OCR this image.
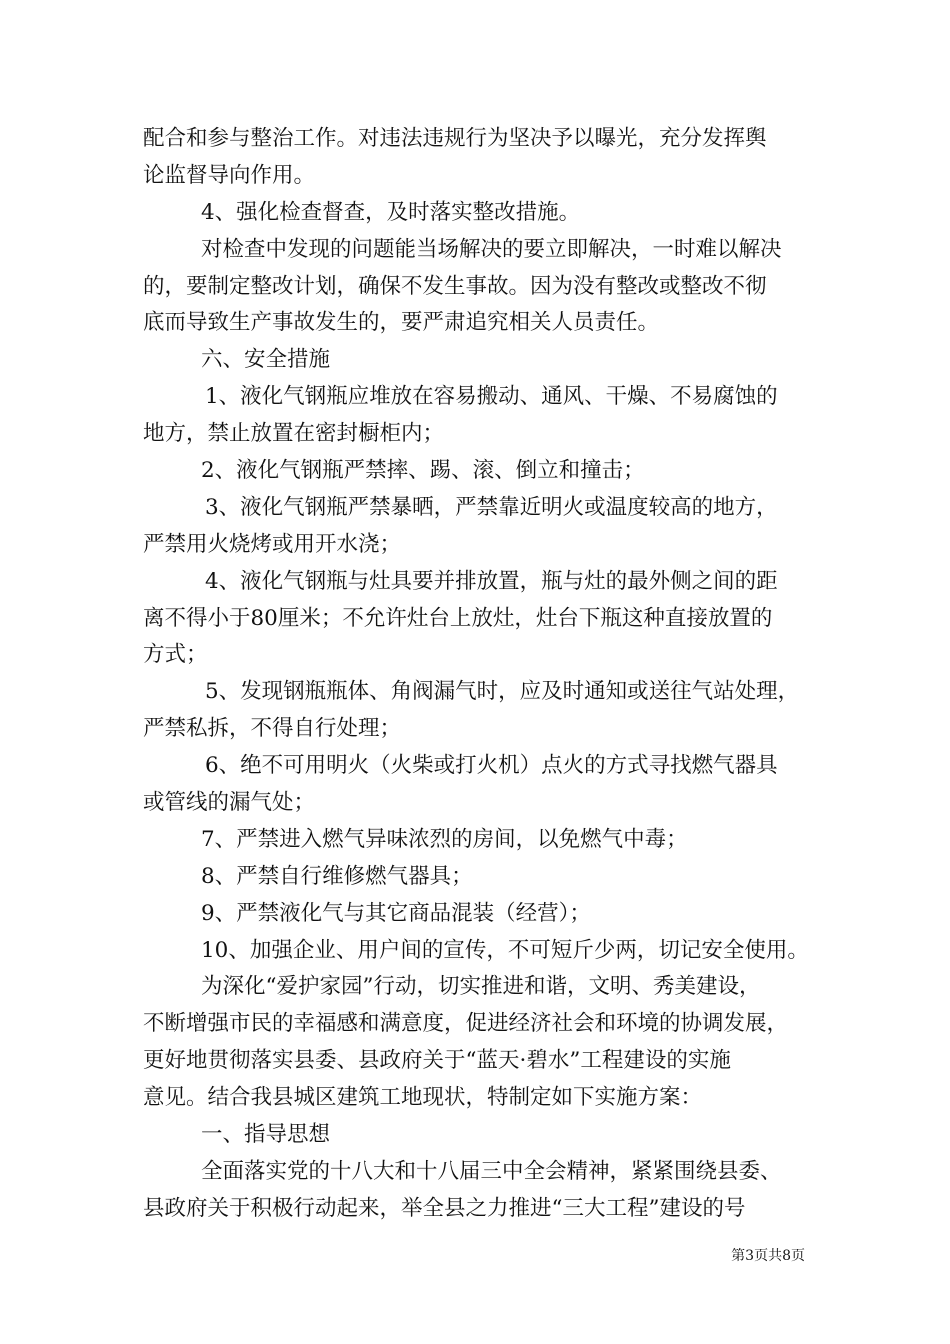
配合和参与整治工作。对违法违规行为坚决予以曝光，充分发挥舆
论监督导向作用。
4、强化检查督查，及时落实整改措施。
对检查中发现的问题能当场解决的要立即解决，一时难以解决
的，要制定整改计划，确保不发生事故。因为没有整改或整改不彻
底而导致生产事故发生的，要严肃追究相关人员责任。
六、安全措施
1、液化气钢瓶应堆放在容易搬动、通风、干燥、不易腐蚀的
地方，禁止放置在密封橱柜内；
2、液化气钢瓶严禁摔、踢、滚、倒立和撞击；
3、液化气钢瓶严禁暴晒，严禁靠近明火或温度较高的地方，
严禁用火烧烤或用开水浇；
4、液化气钢瓶与灶具要并排放置，瓶与灶的最外侧之间的距
离不得小于80厘米；不允许灶台上放灶，灶台下瓶这种直接放置的
方式；
5、发现钢瓶瓶体、角阀漏气时，应及时通知或送往气站处理，
严禁私拆，不得自行处理；
6、绝不可用明火（火柴或打火机）点火的方式寻找燃气器具
或管线的漏气处；
7、严禁进入燃气异味浓烈的房间，以免燃气中毒；
8、严禁自行维修燃气器具；
9、严禁液化气与其它商品混装（经营）；
10、加强企业、用户间的宣传，不可短斤少两，切记安全使用。
为深化“爱护家园”行动，切实推进和谐，文明、秀美建设，
不断增强市民的幸福感和满意度，促进经济社会和环境的协调发展，
更好地贯彻落实县委、县政府关于“蓝天·碧水”工程建设的实施
意见。结合我县城区建筑工地现状，特制定如下实施方案：
一、指导思想
全面落实党的十八大和十八届三中全会精神，紧紧围绕县委、
县政府关于积极行动起来，举全县之力推进“三大工程”建设的号
第3页共8页
